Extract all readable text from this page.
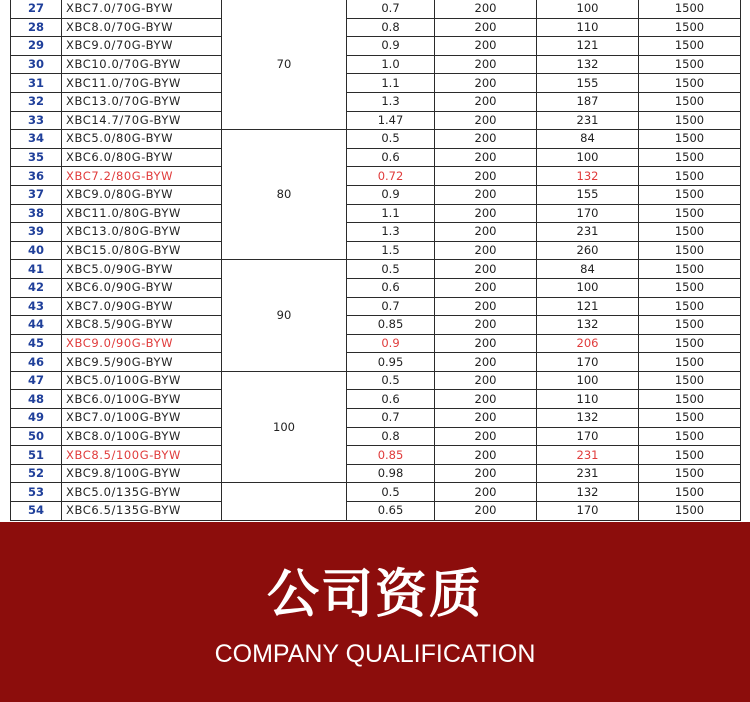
27	XBC7.0/70G-BYW	70	0.7	200	100	1500
28	XBC8.0/70G-BYW		0.8	200	110	1500
29	XBC9.0/70G-BYW		0.9	200	121	1500
30	XBC10.0/70G-BYW		1.0	200	132	1500
31	XBC11.0/70G-BYW		1.1	200	155	1500
32	XBC13.0/70G-BYW		1.3	200	187	1500
33	XBC14.7/70G-BYW		1.47	200	231	1500
34	XBC5.0/80G-BYW	80	0.5	200	84	1500
35	XBC6.0/80G-BYW		0.6	200	100	1500
36	XBC7.2/80G-BYW		0.72	200	132	1500
37	XBC9.0/80G-BYW		0.9	200	155	1500
38	XBC11.0/80G-BYW		1.1	200	170	1500
39	XBC13.0/80G-BYW		1.3	200	231	1500
40	XBC15.0/80G-BYW		1.5	200	260	1500
41	XBC5.0/90G-BYW	90	0.5	200	84	1500
42	XBC6.0/90G-BYW		0.6	200	100	1500
43	XBC7.0/90G-BYW		0.7	200	121	1500
44	XBC8.5/90G-BYW		0.85	200	132	1500
45	XBC9.0/90G-BYW		0.9	200	206	1500
46	XBC9.5/90G-BYW		0.95	200	170	1500
47	XBC5.0/100G-BYW	100	0.5	200	100	1500
48	XBC6.0/100G-BYW		0.6	200	110	1500
49	XBC7.0/100G-BYW		0.7	200	132	1500
50	XBC8.0/100G-BYW		0.8	200	170	1500
51	XBC8.5/100G-BYW		0.85	200	231	1500
52	XBC9.8/100G-BYW		0.98	200	231	1500
53	XBC5.0/135G-BYW		0.5	200	132	1500
54	XBC6.5/135G-BYW		0.65	200	170	1500
公司资质
COMPANY QUALIFICATION
